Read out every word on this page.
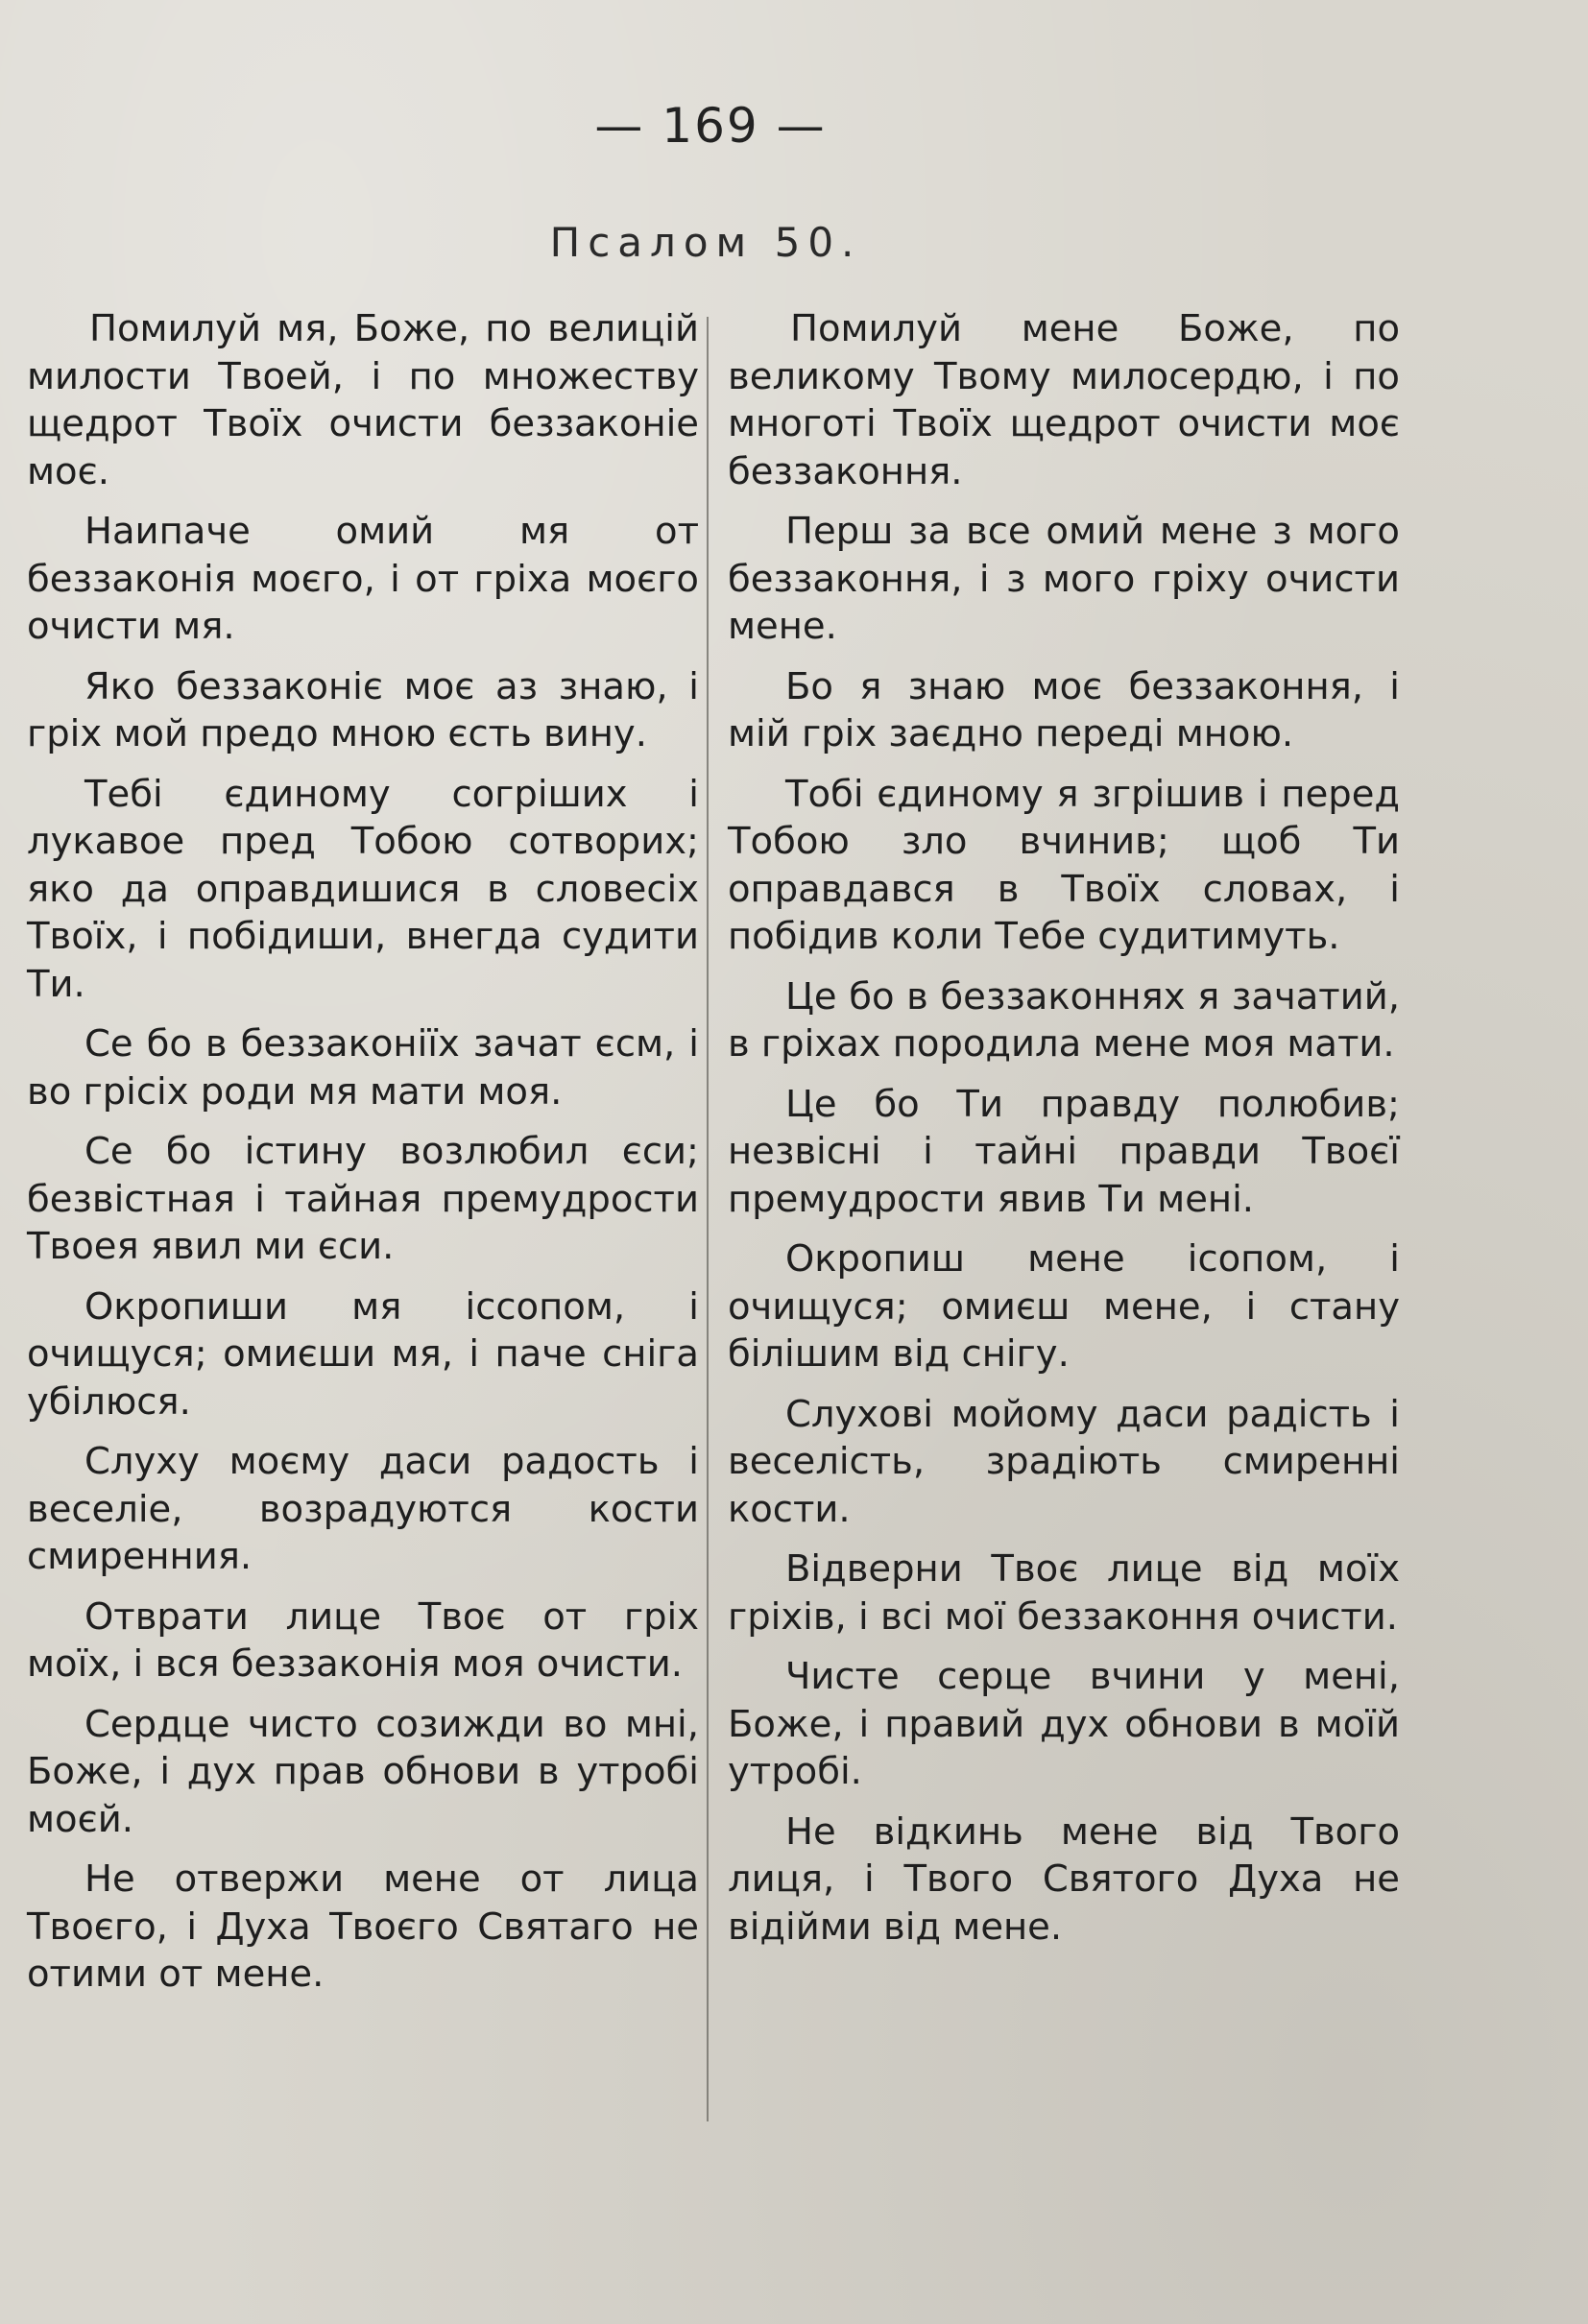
— 169 —
Псалом 50.

Помилуй мя, Боже, по велицій милости Твоей, і по множеству щедрот Твоїх очисти беззаконіе моє.

Наипаче омий мя от беззаконія моєго, і от гріха моєго очисти мя.

Яко беззаконіє моє аз знаю, і гріх мой предо мною єсть вину.

Тебі єдиному согрішиx і лукавое пред Тобою сотворих; яко да оправдишися в словесіх Твоїх, і побідиши, внегда судити Ти.

Се бо в беззаконіїх зачат єсм, і во грісіх роди мя мати моя.

Се бо істину возлюбил єси; безвістная і тайная премудрости Твоея явил ми єси.

Окропиши мя іссопом, і очищуся; омиєши мя, і паче сніга убілюся.

Слуху моєму даси радость і веселіе, возрадуются кости смиренния.

Отврати лице Твоє от гріх моїх, і вся беззаконія моя очисти.

Сердце чисто созижди во мні, Боже, і дух прав обнови в утробі моєй.

Не отвержи мене от лица Твоєго, і Духа Твоєго Святаго не отими от мене.

Помилуй мене Боже, по великому Твому милосердю, і по многоті Твоїх щедрот очисти моє беззаконня.

Перш за все омий мене з мого беззаконня, і з мого гріху очисти мене.

Бо я знаю моє беззаконня, і мій гріх заєдно переді мною.

Тобі єдиному я згрішив і перед Тобою зло вчинив; щоб Ти оправдався в Твоїх словах, і побідив коли Тебе судитимуть.

Це бо в беззаконнях я зачатий, в гріхах породила мене моя мати.

Це бо Ти правду полюбив; незвісні і тайні правди Твоєї премудрости явив Ти мені.

Окропиш мене ісопом, і очищуся; омиєш мене, і стану білішим від снігу.

Слухові мойому даси радість і веселість, зрадіють смиренні кости.

Відверни Твоє лице від моїх гріхів, і всі мої беззаконня очисти.

Чисте серце вчини у мені, Боже, і правий дух обнови в моїй утробі.

Не відкинь мене від Твого лиця, і Твого Святого Духа не відійми від мене.
